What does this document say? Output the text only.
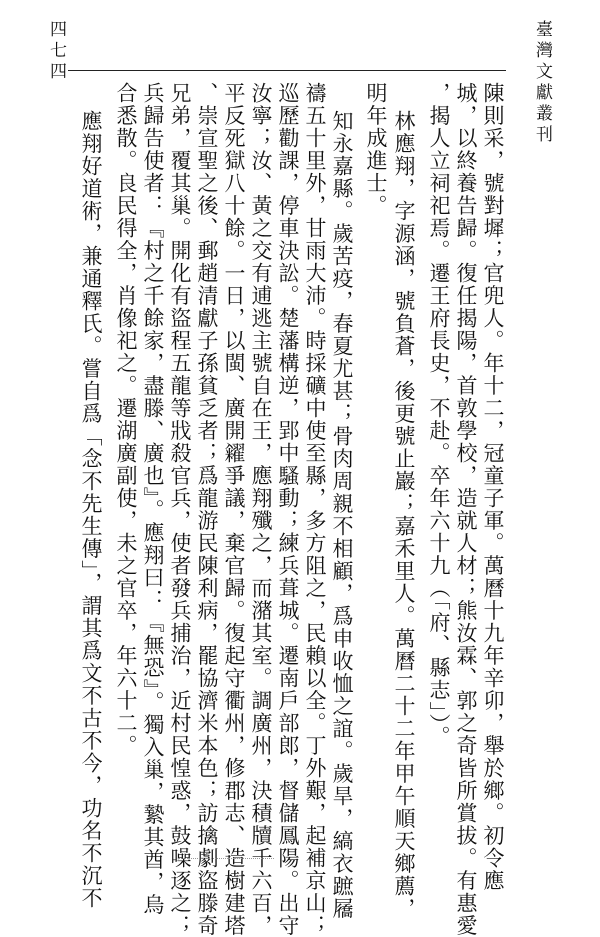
臺灣文獻叢刊
四七四
陳則采，號對墀；官兜人。年十二，冠童子軍。萬曆十九年辛卯，舉於鄉。初令應
城，以終養告歸。復任揭陽，首敦學校，造就人材；熊汝霖、郭之奇皆所賞拔。有惠愛
，揭人立祠祀焉。遷王府長史，不赴。卒年六十九（「府、縣志」）。
林應翔，字源涵，號負蒼，後更號止巖；嘉禾里人。萬曆二十二年甲午順天鄉薦，
明年成進士。
知永嘉縣。歲苦疫，春夏尤甚；骨肉周親不相顧，爲申收恤之誼。歲旱，縞衣蹠屩
禱五十里外，甘雨大沛。時採礦中使至縣，多方阻之，民賴以全。丁外艱，起補京山；
巡歷勸課，停車決訟。楚藩構逆，郢中騷動；練兵葺城。遷南戶部郎，督儲鳳陽。出守
汝寧；汝、黃之交有逋逃主號自在王，應翔殲之，而潴其室。調廣州，決積牘千六百，
平反死獄八十餘。一日，以閩、廣開糴爭議，棄官歸。復起守衢州，修郡志、造樹建塔
、崇宣聖之後、郵趙清獻子孫貧乏者；爲龍游民陳利病，罷協濟米本色；訪擒劇盜滕奇
兄弟，覆其巢。開化有盜程五龍等戕殺官兵，使者發兵捕治，近村民惶惑，鼓噪逐之；
兵歸告使者：『村之千餘家，盡滕、廣也』。應翔曰：『無恐』。獨入巢，縶其酋，烏
合悉散。良民得全，肖像祀之。遷湖廣副使，未之官卒，年六十二。
應翔好道術，兼通釋氏。嘗自爲「念不先生傳」，謂其爲文不古不今，功名不沉不
